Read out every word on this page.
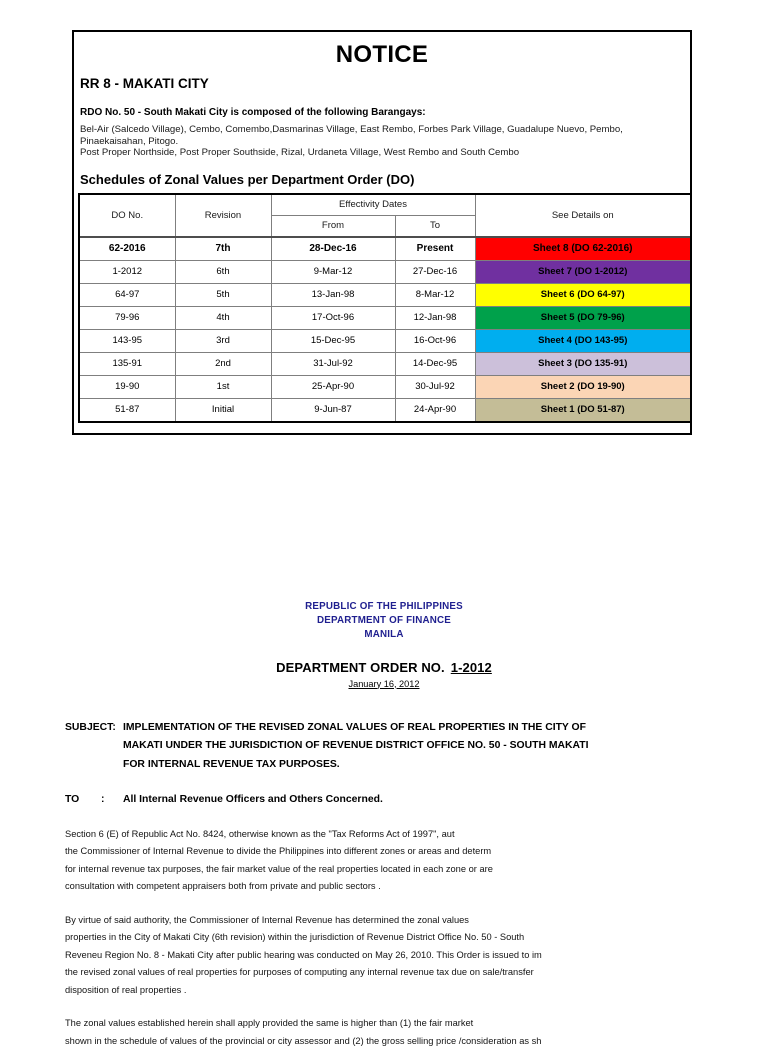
NOTICE
RR 8 - MAKATI CITY
RDO No. 50 - South Makati City is composed of the following Barangays:
Bel-Air (Salcedo Village), Cembo, Comembo,Dasmarinas Village, East Rembo, Forbes Park Village, Guadalupe Nuevo, Pembo,
Pinaekaisahan, Pitogo.
Post Proper Northside, Post Proper Southside, Rizal, Urdaneta Village, West Rembo and South Cembo
Schedules of Zonal Values per Department Order (DO)
DO No.	Revision	Effectivity Dates		See Details on
		From	To	
62-2016	7th	28-Dec-16	Present	Sheet 8 (DO 62-2016)
1-2012	6th	9-Mar-12	27-Dec-16	Sheet 7 (DO 1-2012)
64-97	5th	13-Jan-98	8-Mar-12	Sheet 6 (DO 64-97)
79-96	4th	17-Oct-96	12-Jan-98	Sheet 5 (DO 79-96)
143-95	3rd	15-Dec-95	16-Oct-96	Sheet 4 (DO 143-95)
135-91	2nd	31-Jul-92	14-Dec-95	Sheet 3 (DO 135-91)
19-90	1st	25-Apr-90	30-Jul-92	Sheet 2 (DO 19-90)
51-87	Initial	9-Jun-87	24-Apr-90	Sheet 1 (DO 51-87)
REPUBLIC OF THE PHILIPPINES
DEPARTMENT OF FINANCE
MANILA
DEPARTMENT ORDER NO. 1-2012
January 16, 2012
SUBJECT: IMPLEMENTATION OF THE REVISED ZONAL VALUES OF REAL PROPERTIES IN THE CITY OF
MAKATI UNDER THE JURISDICTION OF REVENUE DISTRICT OFFICE NO. 50 - SOUTH MAKATI
FOR INTERNAL REVENUE TAX PURPOSES.
TO	:	All Internal Revenue Officers and Others Concerned.
Section 6 (E) of Republic Act No. 8424, otherwise known as the "Tax Reforms Act of 1997", aut
the Commissioner of Internal Revenue to divide the Philippines into different zones or areas and determ
for internal revenue tax purposes, the fair market value of the real properties located in each zone or are
consultation with competent appraisers both from private and public sectors .
By virtue of said authority, the Commissioner of Internal Revenue has determined the zonal values
properties in the City of Makati City (6th revision) within the jurisdiction of Revenue District Office No. 50 - South
Reveneu Region No. 8 - Makati City after public hearing was conducted on May 26, 2010. This Order is issued to im
the revised zonal values of real properties for purposes of computing any internal revenue tax due on sale/transfer
disposition of real properties .
The zonal values established herein shall apply provided the same is higher than (1) the fair market
shown in the schedule of values of the provincial or city assessor and (2) the gross selling price /consideration as sh
